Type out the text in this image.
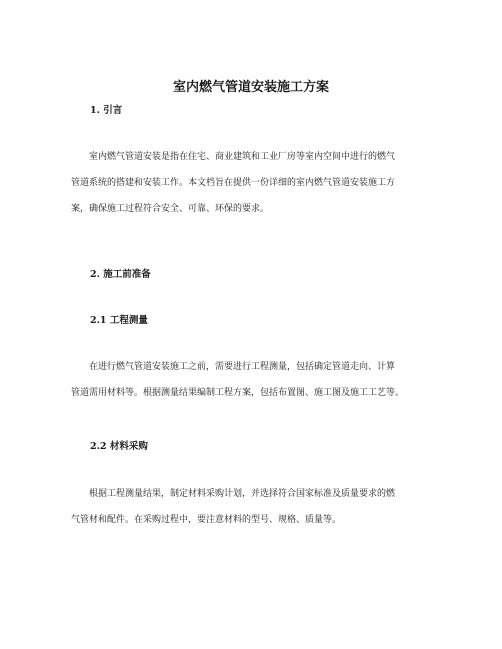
室内燃气管道安装施工方案
1. 引言

室内燃气管道安装是指在住宅、商业建筑和工业厂房等室内空间中进行的燃气
管道系统的搭建和安装工作。本文档旨在提供一份详细的室内燃气管道安装施工方
案，确保施工过程符合安全、可靠、环保的要求。

2. 施工前准备
2.1 工程测量

在进行燃气管道安装施工之前，需要进行工程测量，包括确定管道走向、计算
管道需用材料等。根据测量结果编制工程方案，包括布置图、施工图及施工工艺等。

2.2 材料采购

根据工程测量结果，制定材料采购计划，并选择符合国家标准及质量要求的燃
气管材和配件。在采购过程中，要注意材料的型号、规格、质量等。
